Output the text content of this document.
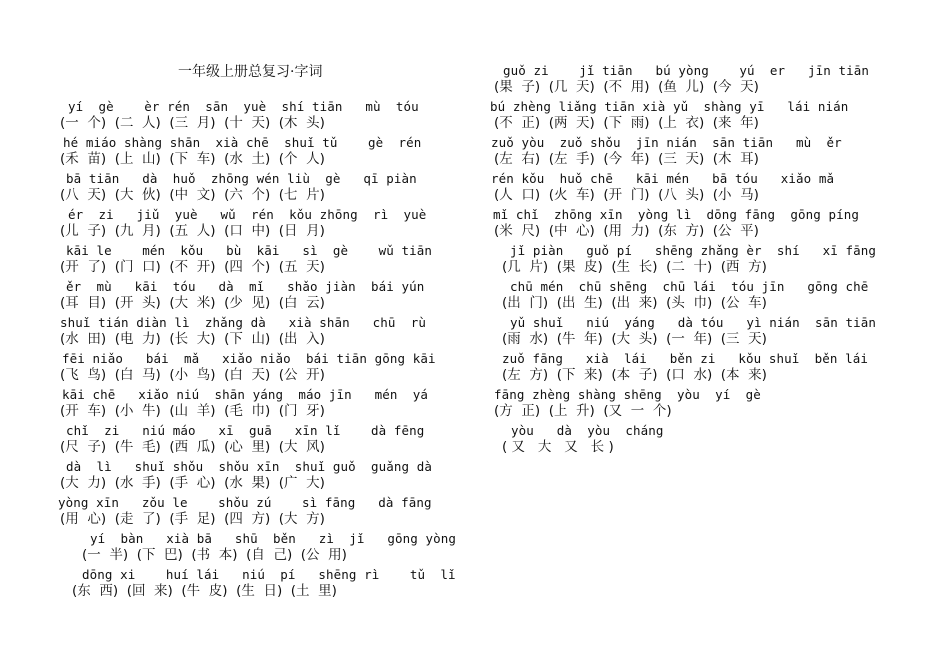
一年级上册总复习·字词
yí  gè    èr rén  sān  yuè  shí tiān   mù  tóu
(一  个)  (二  人)  (三  月)  (十  天)  (木  头)
hé miáo shàng shān  xià chē  shuǐ tǔ    gè  rén
(禾  苗)  (上  山)  (下  车)  (水  土)  (个  人)
bā tiān   dà  huǒ  zhōng wén liù  gè   qī piàn
(八  天)  (大  伙)  (中  文)  (六  个)  (七  片)
ér  zi   jiǔ  yuè   wǔ  rén  kǒu zhōng  rì  yuè
(儿  子)  (九  月)  (五  人)  (口  中)  (日  月)
kāi le    mén  kǒu   bù  kāi   sì  gè    wǔ tiān
(开  了)  (门  口)  (不  开)  (四  个)  (五  天)
ěr  mù   kāi  tóu   dà  mǐ   shǎo jiàn  bái yún
(耳  目)  (开  头)  (大  米)  (少  见)  (白  云)
shuǐ tián diàn lì  zhǎng dà   xià shān   chū  rù
(水  田)  (电  力)  (长  大)  (下  山)  (出  入)
fēi niǎo   bái  mǎ   xiǎo niǎo  bái tiān gōng kāi
(飞  鸟)  (白  马)  (小  鸟)  (白  天)  (公  开)
kāi chē   xiǎo niú  shān yáng  máo jīn   mén  yá
(开  车)  (小  牛)  (山  羊)  (毛  巾)  (门  牙)
chǐ  zi   niú máo   xī  guā   xīn lǐ    dà fēng
(尺  子)  (牛  毛)  (西  瓜)  (心  里)  (大  风)
dà  lì   shuǐ shǒu  shǒu xīn  shuǐ guǒ  guǎng dà
(大  力)  (水  手)  (手  心)  (水  果)  (广  大)
yòng xīn   zǒu le    shǒu zú    sì fāng   dà fāng
(用  心)  (走  了)  (手  足)  (四  方)  (大  方)
yí  bàn   xià bā   shū  běn   zì  jǐ   gōng yòng
(一  半)  (下  巴)  (书  本)  (自  己)  (公  用)
dōng xi    huí lái   niú  pí   shēng rì    tǔ  lǐ
(东  西)  (回  来)  (牛  皮)  (生  日)  (土  里)
guǒ zi    jǐ tiān   bú yòng    yú  er   jīn tiān
(果  子)  (几  天)  (不  用)  (鱼  儿)  (今  天)
bú zhèng liǎng tiān xià yǔ  shàng yī   lái nián
(不  正)  (两  天)  (下  雨)  (上  衣)  (来  年)
zuǒ yòu  zuǒ shǒu  jīn nián  sān tiān   mù  ěr
(左  右)  (左  手)  (今  年)  (三  天)  (木  耳)
rén kǒu  huǒ chē   kāi mén   bā tóu   xiǎo mǎ
(人  口)  (火  车)  (开  门)  (八  头)  (小  马)
mǐ chǐ  zhōng xīn  yòng lì  dōng fāng  gōng píng
(米  尺)  (中  心)  (用  力)  (东  方)  (公  平)
jǐ piàn   guǒ pí   shēng zhǎng èr  shí   xī fāng
(几  片)  (果  皮)  (生  长)  (二  十)  (西  方)
chū mén  chū shēng  chū lái  tóu jīn   gōng chē
(出  门)  (出  生)  (出  来)  (头  巾)  (公  车)
yǔ shuǐ   niú  yáng   dà tóu   yì nián  sān tiān
(雨  水)  (牛  年)  (大  头)  (一  年)  (三  天)
zuǒ fāng   xià  lái   běn zi   kǒu shuǐ  běn lái
(左  方)  (下  来)  (本  子)  (口  水)  (本  来)
fāng zhèng shàng shēng  yòu  yí  gè
(方  正)  (上  升)  (又  一  个)
yòu   dà  yòu  cháng
( 又   大   又   长 )
